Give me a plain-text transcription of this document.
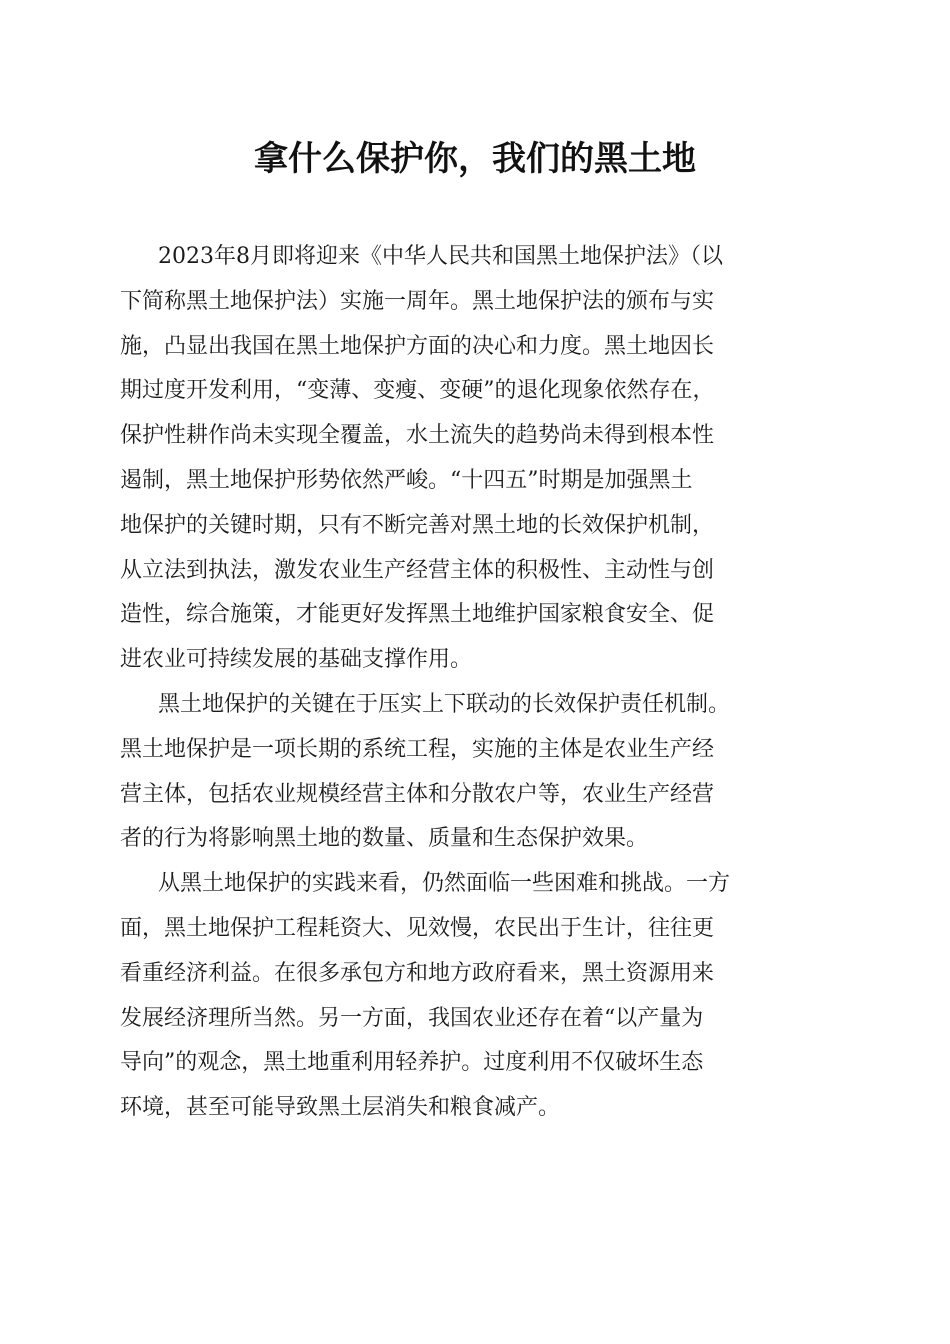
拿什么保护你，我们的黑土地

2023年8月即将迎来《中华人民共和国黑土地保护法》（以
下简称黑土地保护法）实施一周年。黑土地保护法的颁布与实
施，凸显出我国在黑土地保护方面的决心和力度。黑土地因长
期过度开发利用，“变薄、变瘦、变硬”的退化现象依然存在，
保护性耕作尚未实现全覆盖，水土流失的趋势尚未得到根本性
遏制，黑土地保护形势依然严峻。“十四五”时期是加强黑土
地保护的关键时期，只有不断完善对黑土地的长效保护机制，
从立法到执法，激发农业生产经营主体的积极性、主动性与创
造性，综合施策，才能更好发挥黑土地维护国家粮食安全、促
进农业可持续发展的基础支撑作用。

黑土地保护的关键在于压实上下联动的长效保护责任机制。
黑土地保护是一项长期的系统工程，实施的主体是农业生产经
营主体，包括农业规模经营主体和分散农户等，农业生产经营
者的行为将影响黑土地的数量、质量和生态保护效果。

从黑土地保护的实践来看，仍然面临一些困难和挑战。一方
面，黑土地保护工程耗资大、见效慢，农民出于生计，往往更
看重经济利益。在很多承包方和地方政府看来，黑土资源用来
发展经济理所当然。另一方面，我国农业还存在着“以产量为
导向”的观念，黑土地重利用轻养护。过度利用不仅破坏生态
环境，甚至可能导致黑土层消失和粮食减产。
